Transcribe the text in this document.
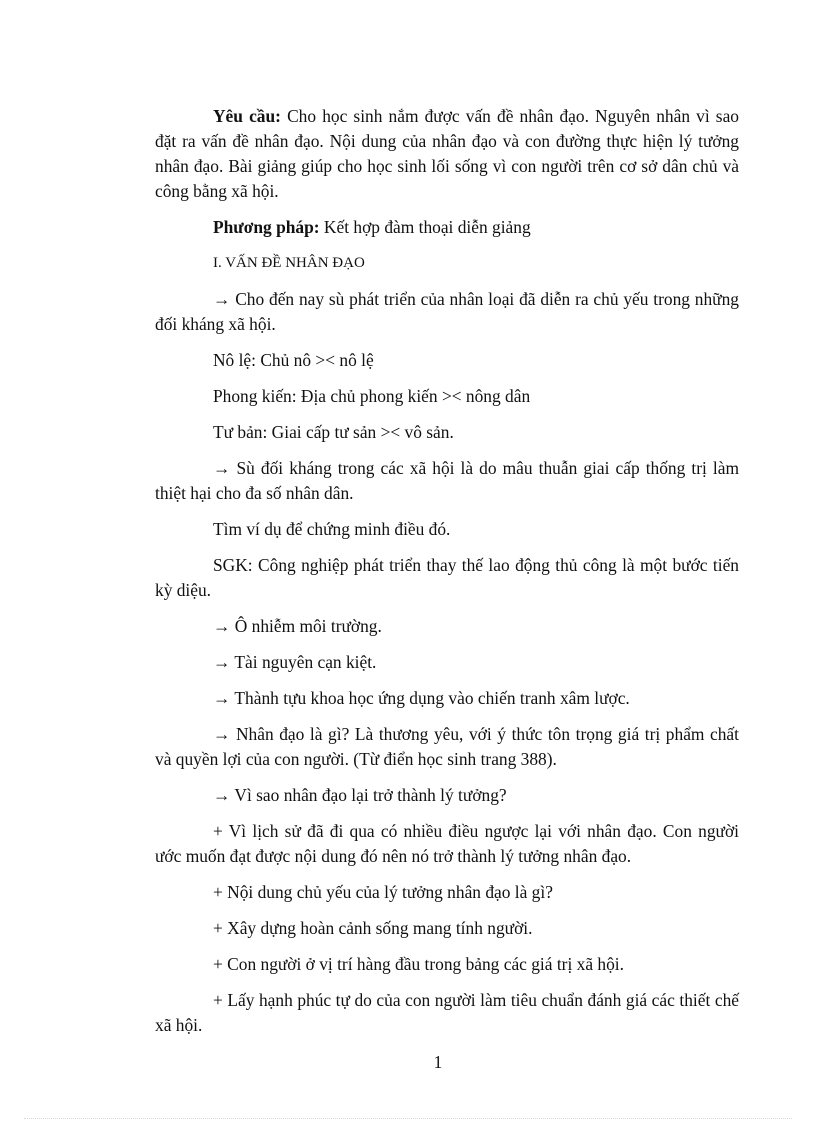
Yêu cầu: Cho học sinh nắm được vấn đề nhân đạo. Nguyên nhân vì sao đặt ra vấn đề nhân đạo. Nội dung của nhân đạo và con đường thực hiện lý tưởng nhân đạo. Bài giảng giúp cho học sinh lối sống vì con người trên cơ sở dân chủ và công bằng xã hội.

Phương pháp: Kết hợp đàm thoại diễn giảng

I. VẤN ĐỀ NHÂN ĐẠO

→ Cho đến nay sù phát triển của nhân loại đã diễn ra chủ yếu trong những đối kháng xã hội.

Nô lệ: Chủ nô >< nô lệ

Phong kiến: Địa chủ phong kiến >< nông dân

Tư bản: Giai cấp tư sản >< vô sản.

→ Sù đối kháng trong các xã hội là do mâu thuẫn giai cấp thống trị làm thiệt hại cho đa số nhân dân.

Tìm ví dụ để chứng minh điều đó.

SGK: Công nghiệp phát triển thay thế lao động thủ công là một bước tiến kỳ diệu.

→ Ô nhiễm môi trường.

→ Tài nguyên cạn kiệt.

→ Thành tựu khoa học ứng dụng vào chiến tranh xâm lược.

→ Nhân đạo là gì? Là thương yêu, với ý thức tôn trọng giá trị phẩm chất và quyền lợi của con người. (Từ điển học sinh trang 388).

→ Vì sao nhân đạo lại trở thành lý tưởng?

+ Vì lịch sử đã đi qua có nhiều điều ngược lại với nhân đạo. Con người ước muốn đạt được nội dung đó nên nó trở thành lý tưởng nhân đạo.

+ Nội dung chủ yếu của lý tưởng nhân đạo là gì?

+ Xây dựng hoàn cảnh sống mang tính người.

+ Con người ở vị trí hàng đầu trong bảng các giá trị xã hội.

+ Lấy hạnh phúc tự do của con người làm tiêu chuẩn đánh giá các thiết chế xã hội.

1
